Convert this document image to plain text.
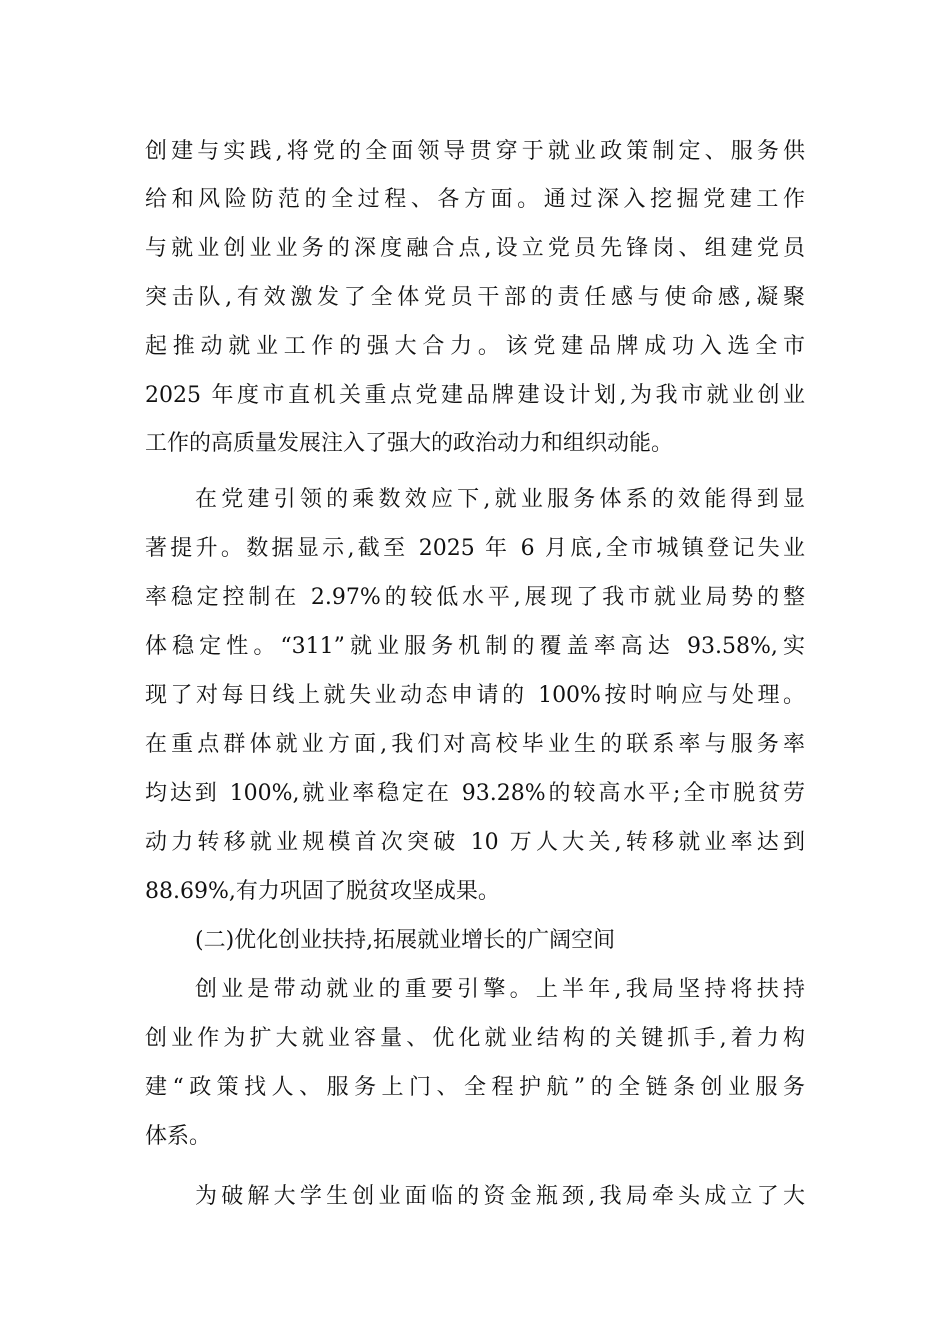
创建与实践,将党的全面领导贯穿于就业政策制定、服务供
给和风险防范的全过程、各方面。通过深入挖掘党建工作
与就业创业业务的深度融合点,设立党员先锋岗、组建党员
突击队,有效激发了全体党员干部的责任感与使命感,凝聚
起推动就业工作的强大合力。该党建品牌成功入选全市
2025 年度市直机关重点党建品牌建设计划,为我市就业创业
工作的高质量发展注入了强大的政治动力和组织动能。
在党建引领的乘数效应下,就业服务体系的效能得到显
著提升。数据显示,截至 2025 年 6 月底,全市城镇登记失业
率稳定控制在 2.97%的较低水平,展现了我市就业局势的整
体稳定性。“311”就业服务机制的覆盖率高达 93.58%,实
现了对每日线上就失业动态申请的 100%按时响应与处理。
在重点群体就业方面,我们对高校毕业生的联系率与服务率
均达到 100%,就业率稳定在 93.28%的较高水平;全市脱贫劳
动力转移就业规模首次突破 10 万人大关,转移就业率达到
88.69%,有力巩固了脱贫攻坚成果。
(二)优化创业扶持,拓展就业增长的广阔空间
创业是带动就业的重要引擎。上半年,我局坚持将扶持
创业作为扩大就业容量、优化就业结构的关键抓手,着力构
建“政策找人、服务上门、全程护航”的全链条创业服务
体系。
为破解大学生创业面临的资金瓶颈,我局牵头成立了大
